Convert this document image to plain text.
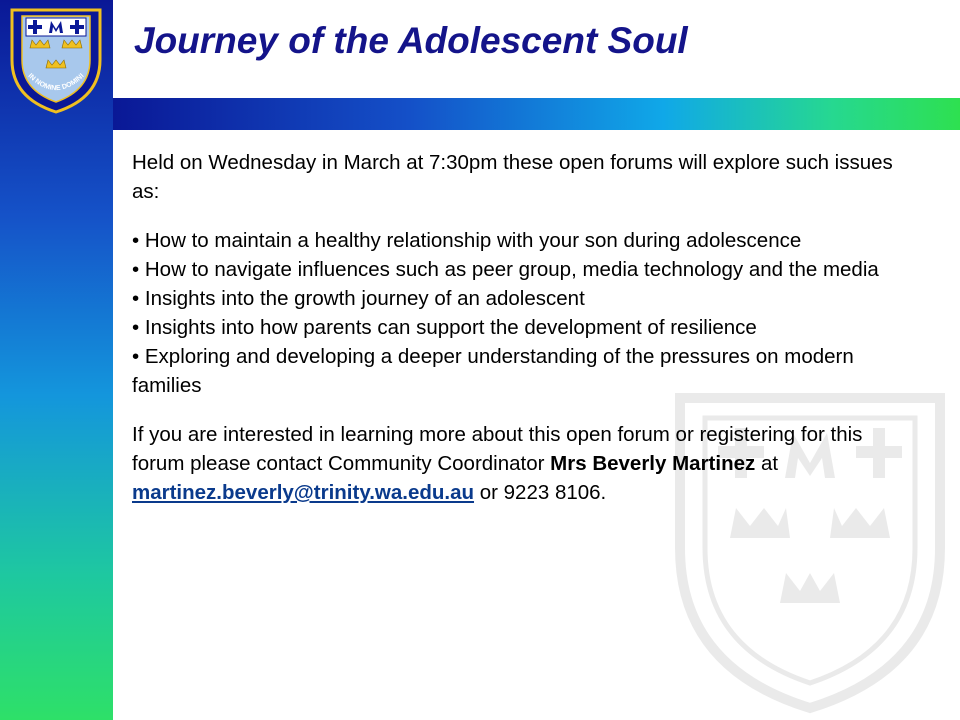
IN NOMINE DOMINI
Journey of the Adolescent Soul

Held on Wednesday in March at 7:30pm these open forums will explore such issues as:

• How to maintain a healthy relationship with your son during adolescence
• How to navigate influences such as peer group, media technology and the media
• Insights into the growth journey of an adolescent
• Insights into how parents can support the development of resilience
• Exploring and developing a deeper understanding of the pressures on modern families

If you are interested in learning more about this open forum or registering for this forum please contact Community Coordinator Mrs Beverly Martinez at martinez.beverly@trinity.wa.edu.au or 9223 8106.
